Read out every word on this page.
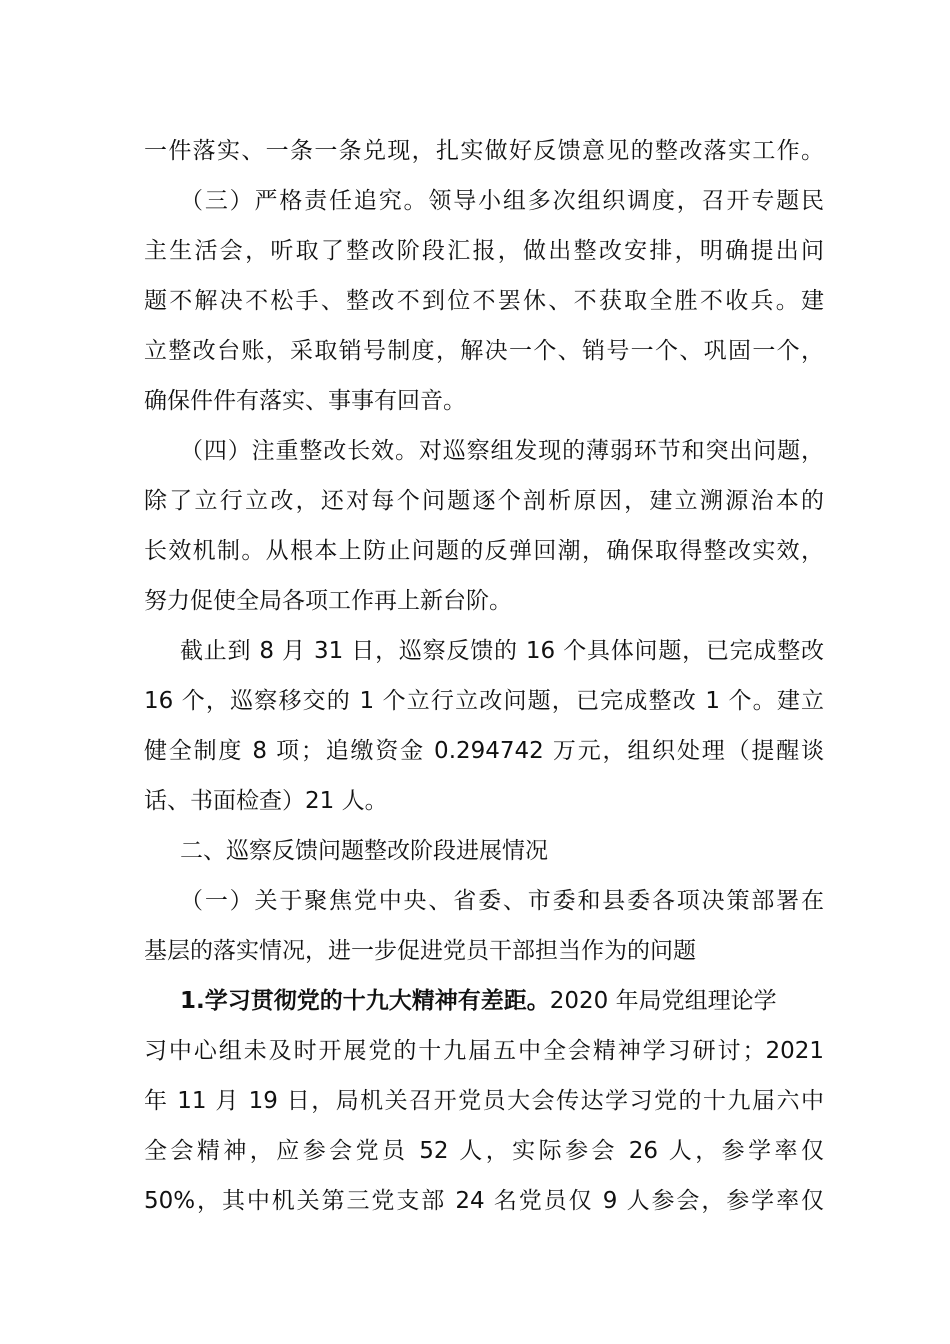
一件落实、一条一条兑现，扎实做好反馈意见的整改落实工作。
（三）严格责任追究。领导小组多次组织调度，召开专题民
主生活会，听取了整改阶段汇报，做出整改安排，明确提出问
题不解决不松手、整改不到位不罢休、不获取全胜不收兵。建
立整改台账，采取销号制度，解决一个、销号一个、巩固一个，
确保件件有落实、事事有回音。
（四）注重整改长效。对巡察组发现的薄弱环节和突出问题，
除了立行立改，还对每个问题逐个剖析原因，建立溯源治本的
长效机制。从根本上防止问题的反弹回潮，确保取得整改实效，
努力促使全局各项工作再上新台阶。
截止到 8 月 31 日，巡察反馈的 16 个具体问题，已完成整改
16 个，巡察移交的 1 个立行立改问题，已完成整改 1 个。建立
健全制度 8 项；追缴资金 0.294742 万元，组织处理（提醒谈
话、书面检查）21 人。
二、巡察反馈问题整改阶段进展情况
（一）关于聚焦党中央、省委、市委和县委各项决策部署在
基层的落实情况，进一步促进党员干部担当作为的问题
1.学习贯彻党的十九大精神有差距。2020 年局党组理论学
习中心组未及时开展党的十九届五中全会精神学习研讨；2021
年 11 月 19 日，局机关召开党员大会传达学习党的十九届六中
全会精神，应参会党员 52 人，实际参会 26 人，参学率仅
50%，其中机关第三党支部 24 名党员仅 9 人参会，参学率仅
